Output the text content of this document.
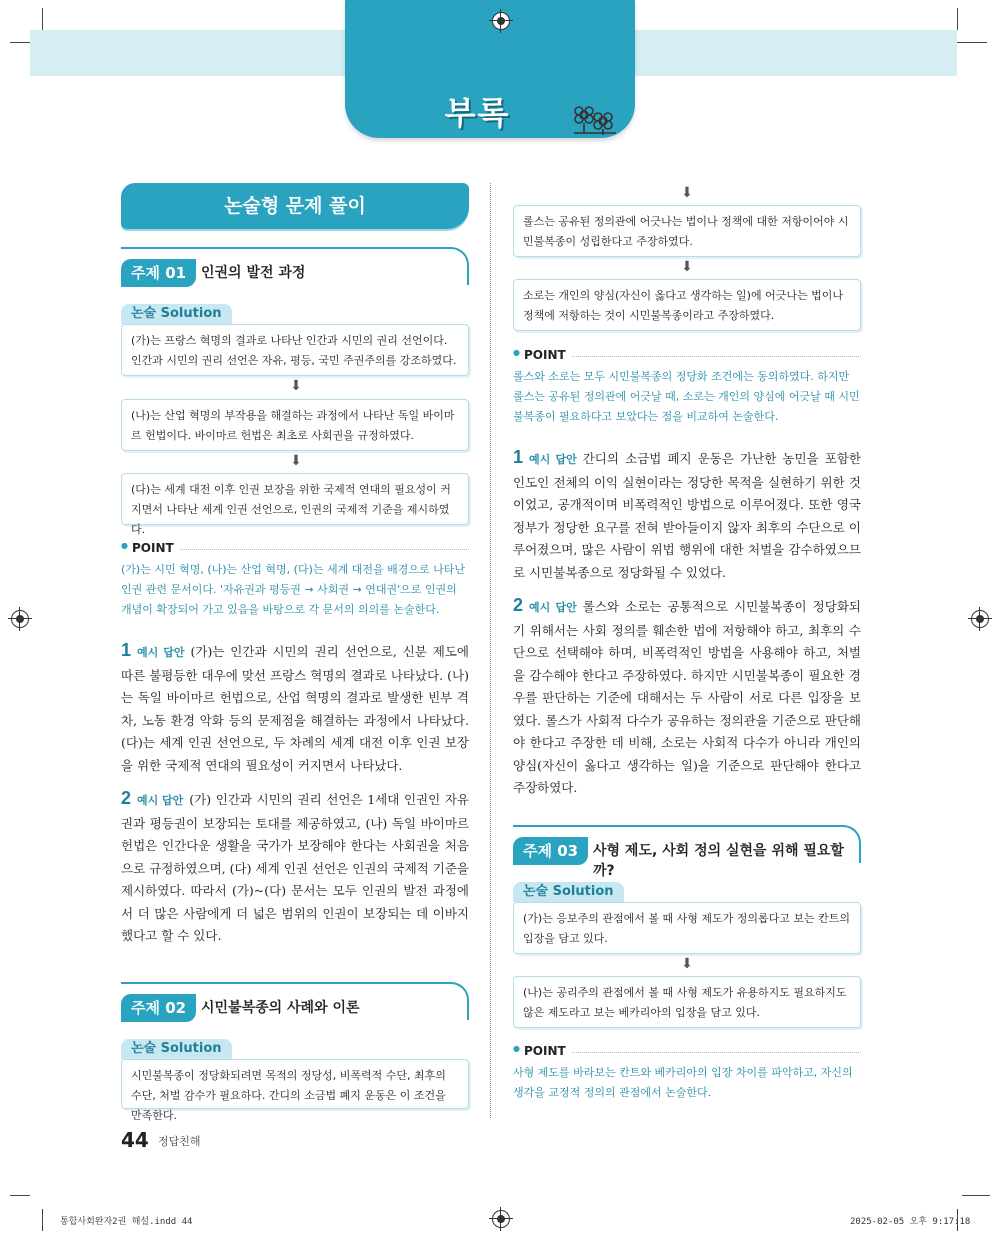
부록
논술형 문제 풀이
주제 01	인권의 발전 과정
논술 Solution
(가)는 프랑스 혁명의 결과로 나타난 인간과 시민의 권리 선언이다. 인간과 시민의 권리 선언은 자유, 평등, 국민 주권주의를 강조하였다.
⬇
(나)는 산업 혁명의 부작용을 해결하는 과정에서 나타난 독일 바이마르 헌법이다. 바이마르 헌법은 최초로 사회권을 규정하였다.
⬇
(다)는 세계 대전 이후 인권 보장을 위한 국제적 연대의 필요성이 커지면서 나타난 세계 인권 선언으로, 인권의 국제적 기준을 제시하였다.
● POINT
(가)는 시민 혁명, (나)는 산업 혁명, (다)는 세계 대전을 배경으로 나타난 인권 관련 문서이다. '자유권과 평등권 → 사회권 → 연대권'으로 인권의 개념이 확장되어 가고 있음을 바탕으로 각 문서의 의의를 논술한다.
1 예시 답안 (가)는 인간과 시민의 권리 선언으로, 신분 제도에 따른 불평등한 대우에 맞선 프랑스 혁명의 결과로 나타났다. (나)는 독일 바이마르 헌법으로, 산업 혁명의 결과로 발생한 빈부 격차, 노동 환경 악화 등의 문제점을 해결하는 과정에서 나타났다. (다)는 세계 인권 선언으로, 두 차례의 세계 대전 이후 인권 보장을 위한 국제적 연대의 필요성이 커지면서 나타났다.
2 예시 답안 (가) 인간과 시민의 권리 선언은 1세대 인권인 자유권과 평등권이 보장되는 토대를 제공하였고, (나) 독일 바이마르 헌법은 인간다운 생활을 국가가 보장해야 한다는 사회권을 처음으로 규정하였으며, (다) 세계 인권 선언은 인권의 국제적 기준을 제시하였다. 따라서 (가)~(다) 문서는 모두 인권의 발전 과정에서 더 많은 사람에게 더 넓은 범위의 인권이 보장되는 데 이바지했다고 할 수 있다.
주제 02	시민불복종의 사례와 이론
논술 Solution
시민불복종이 정당화되려면 목적의 정당성, 비폭력적 수단, 최후의 수단, 처벌 감수가 필요하다. 간디의 소금법 폐지 운동은 이 조건을 만족한다.
⬇
롤스는 공유된 정의관에 어긋나는 법이나 정책에 대한 저항이어야 시민불복종이 성립한다고 주장하였다.
⬇
소로는 개인의 양심(자신이 옳다고 생각하는 일)에 어긋나는 법이나 정책에 저항하는 것이 시민불복종이라고 주장하였다.
● POINT
롤스와 소로는 모두 시민불복종의 정당화 조건에는 동의하였다. 하지만 롤스는 공유된 정의관에 어긋날 때, 소로는 개인의 양심에 어긋날 때 시민불복종이 필요하다고 보았다는 점을 비교하여 논술한다.
1 예시 답안 간디의 소금법 폐지 운동은 가난한 농민을 포함한 인도인 전체의 이익 실현이라는 정당한 목적을 실현하기 위한 것이었고, 공개적이며 비폭력적인 방법으로 이루어졌다. 또한 영국 정부가 정당한 요구를 전혀 받아들이지 않자 최후의 수단으로 이루어졌으며, 많은 사람이 위법 행위에 대한 처벌을 감수하였으므로 시민불복종으로 정당화될 수 있었다.
2 예시 답안 롤스와 소로는 공통적으로 시민불복종이 정당화되기 위해서는 사회 정의를 훼손한 법에 저항해야 하고, 최후의 수단으로 선택해야 하며, 비폭력적인 방법을 사용해야 하고, 처벌을 감수해야 한다고 주장하였다. 하지만 시민불복종이 필요한 경우를 판단하는 기준에 대해서는 두 사람이 서로 다른 입장을 보였다. 롤스가 사회적 다수가 공유하는 정의관을 기준으로 판단해야 한다고 주장한 데 비해, 소로는 사회적 다수가 아니라 개인의 양심(자신이 옳다고 생각하는 일)을 기준으로 판단해야 한다고 주장하였다.
주제 03	사형 제도, 사회 정의 실현을 위해 필요할까?
논술 Solution
(가)는 응보주의 관점에서 볼 때 사형 제도가 정의롭다고 보는 칸트의 입장을 담고 있다.
⬇
(나)는 공리주의 관점에서 볼 때 사형 제도가 유용하지도 필요하지도 않은 제도라고 보는 베카리아의 입장을 담고 있다.
● POINT
사형 제도를 바라보는 칸트와 베카리아의 입장 차이를 파악하고, 자신의 생각을 교정적 정의의 관점에서 논술한다.
44 정답친해
통합사회완자2권 해설.indd 44	2025-02-05 오후 9:17:18
